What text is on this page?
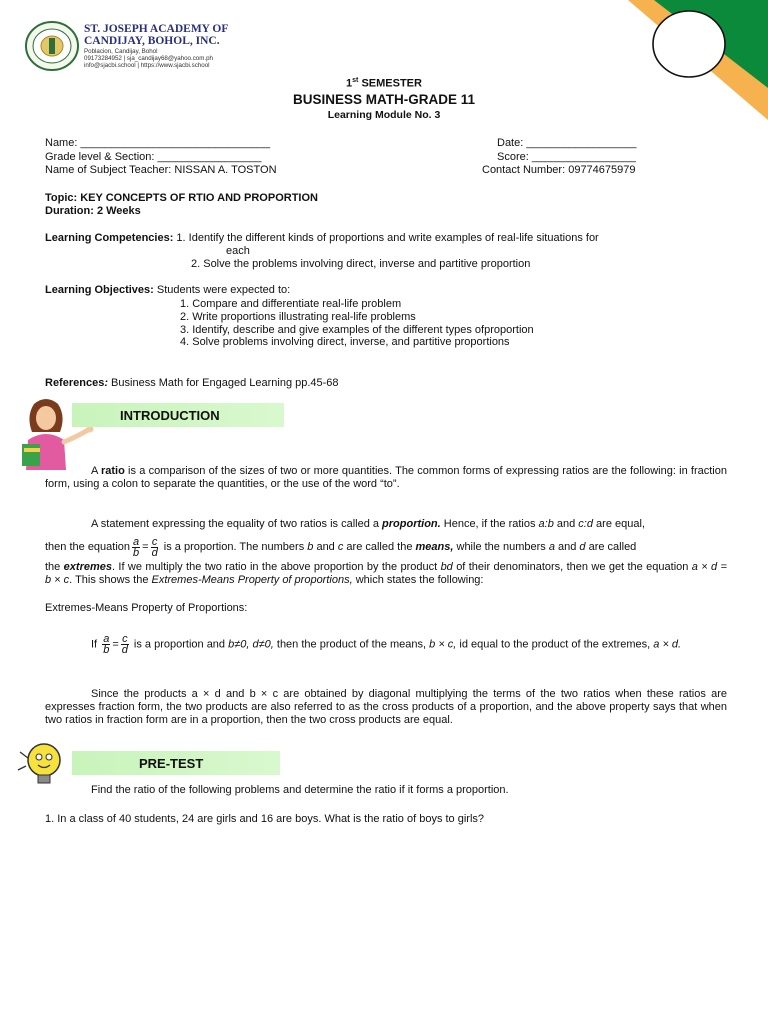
ST. JOSEPH ACADEMY OF
CANDIJAY, BOHOL, INC.
Poblacion, Candijay, Bohol
09173284952 | sja_candijay68@yahoo.com.ph
info@sjacbi.school | https://www.sjacbi.school
1st SEMESTER
BUSINESS MATH-GRADE 11
Learning Module No. 3
Name: _______________________________	Date: __________________
Grade level & Section: _________________	Score: _________________
Name of Subject Teacher: NISSAN A. TOSTON	Contact Number: 09774675979
Topic: KEY CONCEPTS OF RTIO AND PROPORTION
Duration: 2 Weeks
Learning Competencies: 1. Identify the different kinds of proportions and write examples of real-life situations for
each
2. Solve the problems involving direct, inverse and partitive proportion
Learning Objectives: Students were expected to:
1. Compare and differentiate real-life problem
2. Write proportions illustrating real-life problems
3. Identify, describe and give examples of the different types ofproportion
4. Solve problems involving direct, inverse, and partitive proportions
References: Business Math for Engaged Learning pp.45-68
INTRODUCTION
A ratio is a comparison of the sizes of two or more quantities. The common forms of expressing ratios are the following: in fraction form, using a colon to separate the quantities, or the use of the word “to”.
A statement expressing the equality of two ratios is called a proportion. Hence, if the ratios a:b and c:d are equal,
then the equation $\frac{a}{b} = \frac{c}{d}$ is a proportion. The numbers b and c are called the means, while the numbers a and d are called
the extremes. If we multiply the two ratio in the above proportion by the product bd of their denominators, then we get the equation a × d = b × c. This shows the Extremes-Means Property of proportions, which states the following:
Extremes-Means Property of Proportions:
If $\frac{a}{b} = \frac{c}{d}$ is a proportion and b≠0, d≠0, then the product of the means, b × c, id equal to the product of the extremes, a × d.
Since the products a × d and b × c are obtained by diagonal multiplying the terms of the two ratios when these ratios are expresses fraction form, the two products are also referred to as the cross products of a proportion, and the above property says that when two ratios in fraction form are in a proportion, then the two cross products are equal.
PRE-TEST
Find the ratio of the following problems and determine the ratio if it forms a proportion.
1. In a class of 40 students, 24 are girls and 16 are boys. What is the ratio of boys to girls?
